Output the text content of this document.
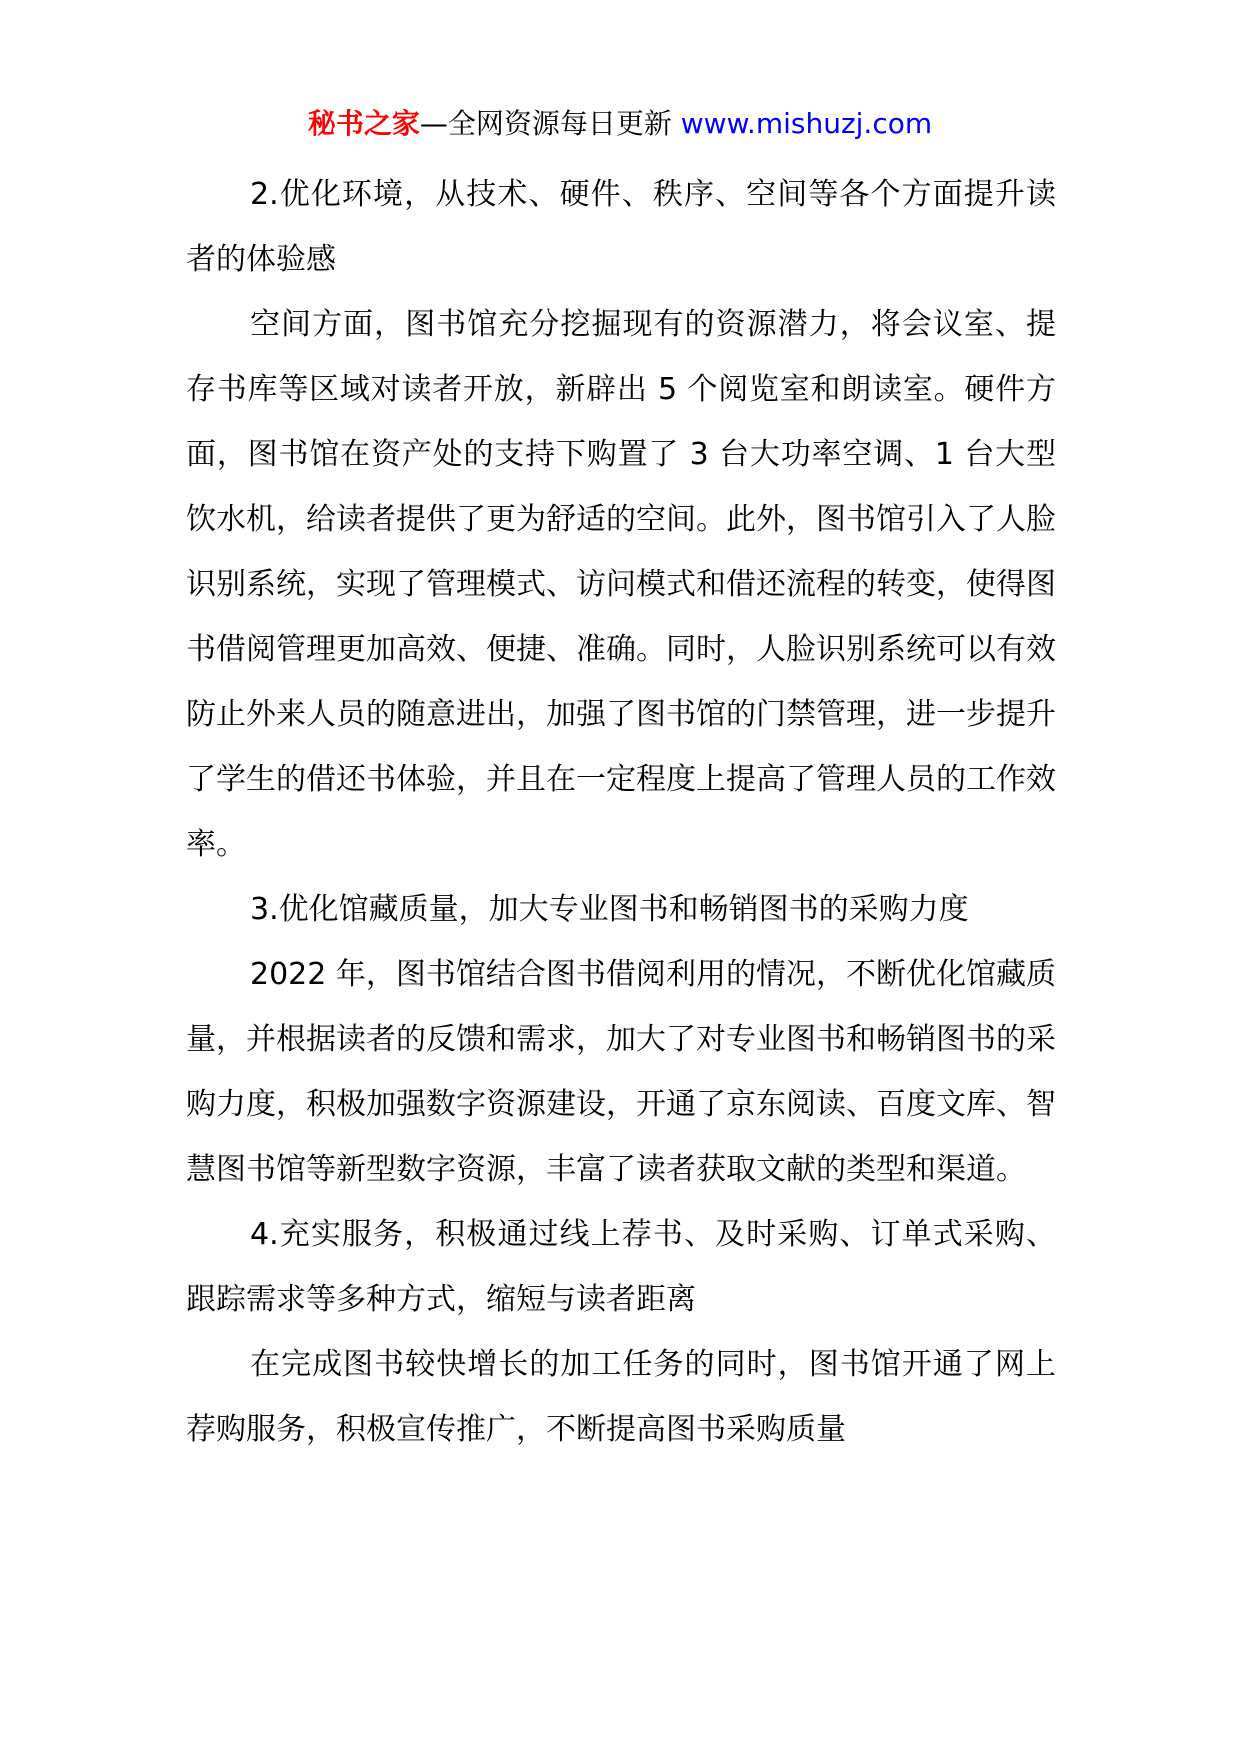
秘书之家—全网资源每日更新 www.mishuzj.com

2.优化环境，从技术、硬件、秩序、空间等各个方面提升读者的体验感

空间方面，图书馆充分挖掘现有的资源潜力，将会议室、提存书库等区域对读者开放，新辟出 5 个阅览室和朗读室。硬件方面，图书馆在资产处的支持下购置了 3 台大功率空调、1 台大型饮水机，给读者提供了更为舒适的空间。此外，图书馆引入了人脸识别系统，实现了管理模式、访问模式和借还流程的转变，使得图书借阅管理更加高效、便捷、准确。同时，人脸识别系统可以有效防止外来人员的随意进出，加强了图书馆的门禁管理，进一步提升了学生的借还书体验，并且在一定程度上提高了管理人员的工作效率。

3.优化馆藏质量，加大专业图书和畅销图书的采购力度

2022 年，图书馆结合图书借阅利用的情况，不断优化馆藏质量，并根据读者的反馈和需求，加大了对专业图书和畅销图书的采购力度，积极加强数字资源建设，开通了京东阅读、百度文库、智慧图书馆等新型数字资源，丰富了读者获取文献的类型和渠道。

4.充实服务，积极通过线上荐书、及时采购、订单式采购、跟踪需求等多种方式，缩短与读者距离

在完成图书较快增长的加工任务的同时，图书馆开通了网上荐购服务，积极宣传推广，不断提高图书采购质量
